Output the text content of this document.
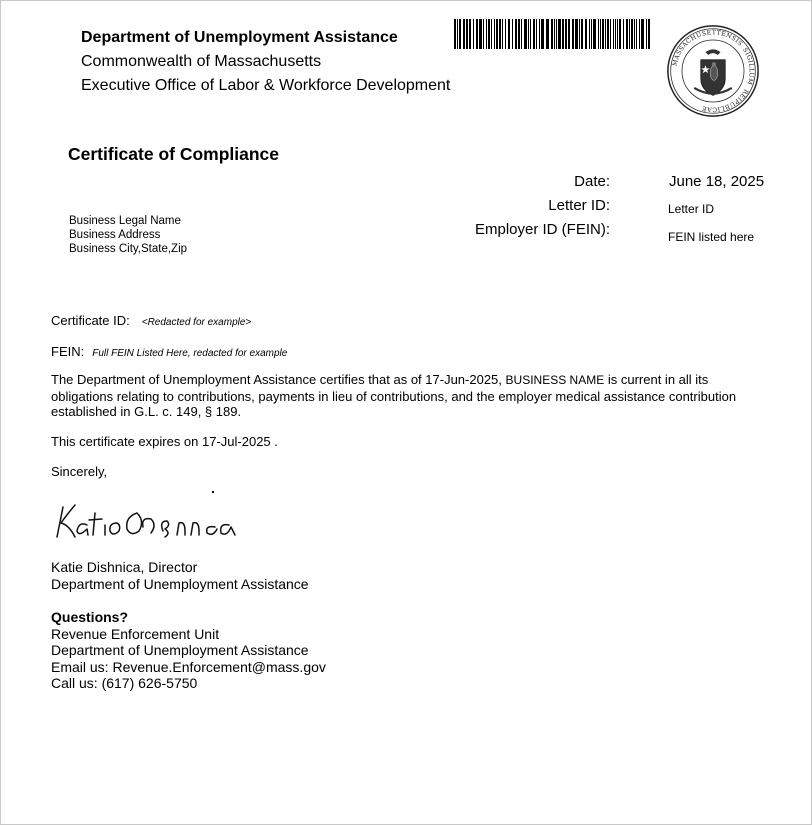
Department of Unemployment Assistance
Commonwealth of Massachusetts
Executive Office of Labor & Workforce Development
MASSACHUSETTENSIS
REIPUBLICAE
SIGILLUM
Certificate of Compliance
Date:	June 18, 2025
Letter ID:	Letter ID
Employer ID (FEIN):	FEIN listed here
Business Legal Name
Business Address
Business City,State,Zip
Certificate ID: <Redacted for example>
FEIN: Full FEIN Listed Here, redacted for example
The Department of Unemployment Assistance certifies that as of 17-Jun-2025, BUSINESS NAME is current in all its obligations relating to contributions, payments in lieu of contributions, and the employer medical assistance contribution established in G.L. c. 149, § 189.
This certificate expires on 17-Jul-2025 .
Sincerely,
Katie Dishnica
Katie Dishnica, Director
Department of Unemployment Assistance
Questions?
Revenue Enforcement Unit
Department of Unemployment Assistance
Email us: Revenue.Enforcement@mass.gov
Call us: (617) 626-5750
